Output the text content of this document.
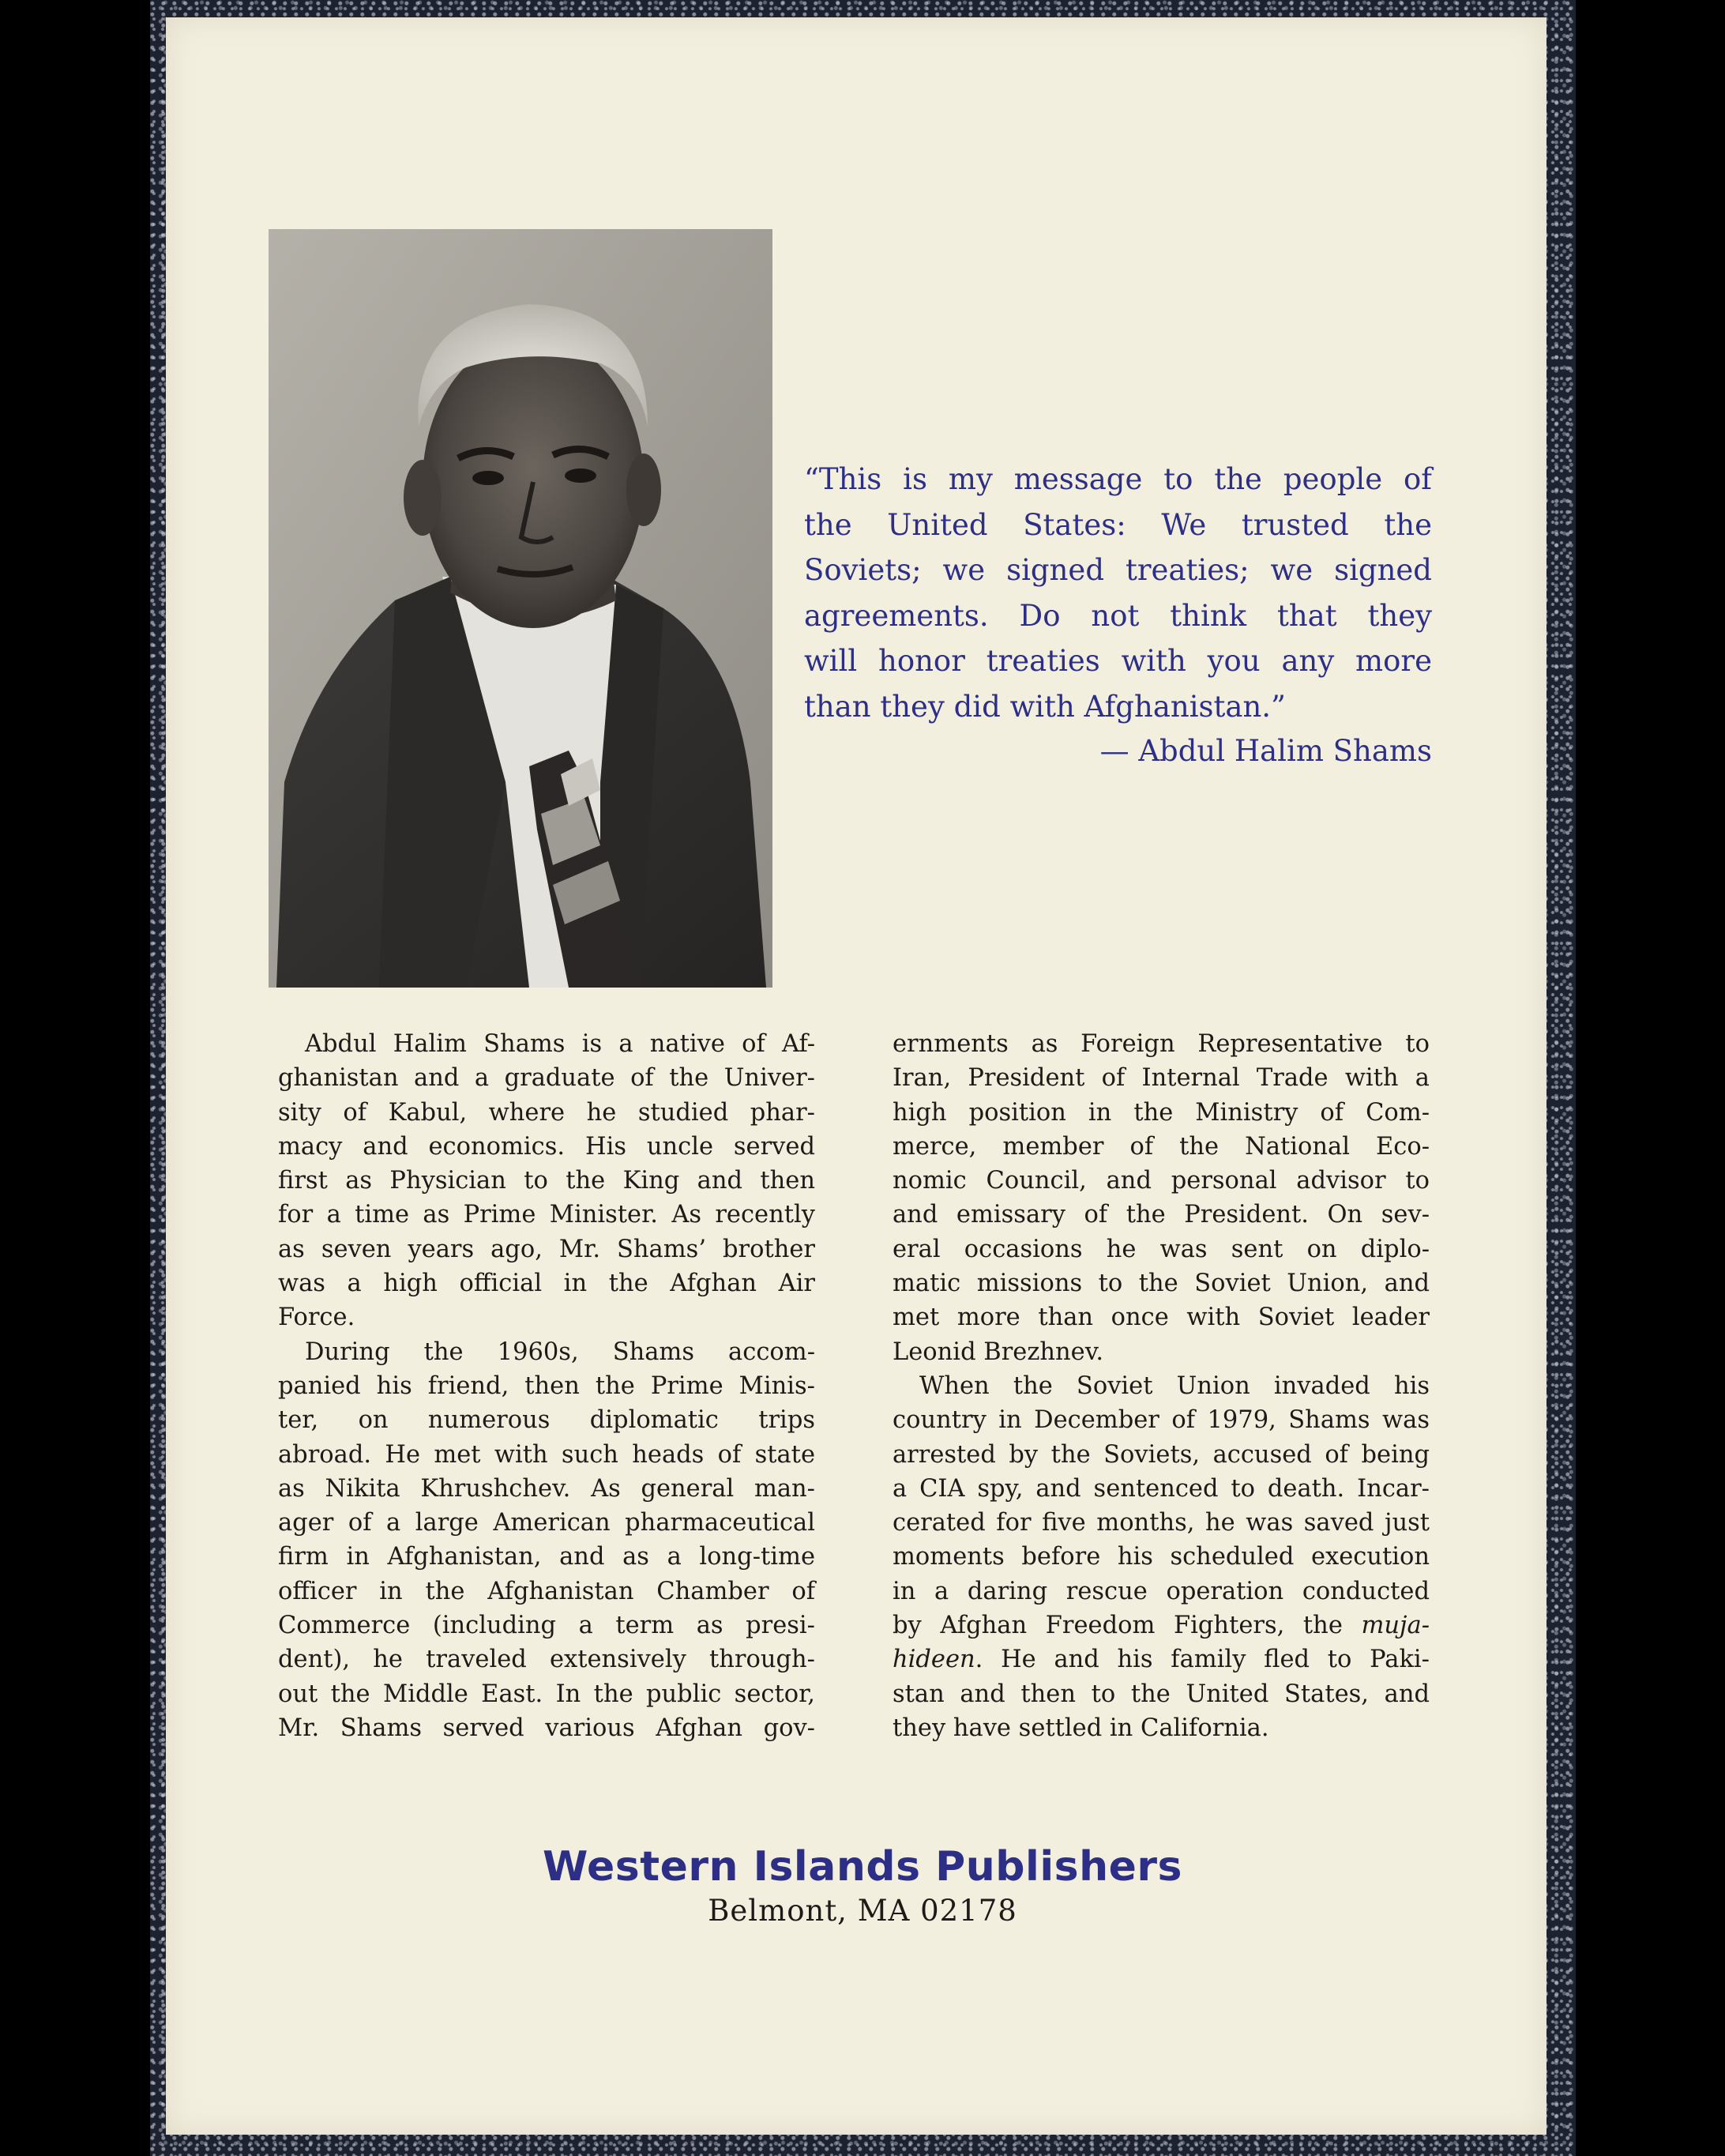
“This is my message to the people of
the United States: We trusted the
Soviets; we signed treaties; we signed
agreements. Do not think that they
will honor treaties with you any more
than they did with Afghanistan.”
— Abdul Halim Shams
Abdul Halim Shams is a native of Af-
ghanistan and a graduate of the Univer-
sity of Kabul, where he studied phar-
macy and economics. His uncle served
first as Physician to the King and then
for a time as Prime Minister. As recently
as seven years ago, Mr. Shams’ brother
was a high official in the Afghan Air
Force.
During the 1960s, Shams accom-
panied his friend, then the Prime Minis-
ter, on numerous diplomatic trips
abroad. He met with such heads of state
as Nikita Khrushchev. As general man-
ager of a large American pharmaceutical
firm in Afghanistan, and as a long-time
officer in the Afghanistan Chamber of
Commerce (including a term as presi-
dent), he traveled extensively through-
out the Middle East. In the public sector,
Mr. Shams served various Afghan gov-
ernments as Foreign Representative to
Iran, President of Internal Trade with a
high position in the Ministry of Com-
merce, member of the National Eco-
nomic Council, and personal advisor to
and emissary of the President. On sev-
eral occasions he was sent on diplo-
matic missions to the Soviet Union, and
met more than once with Soviet leader
Leonid Brezhnev.
When the Soviet Union invaded his
country in December of 1979, Shams was
arrested by the Soviets, accused of being
a CIA spy, and sentenced to death. Incar-
cerated for five months, he was saved just
moments before his scheduled execution
in a daring rescue operation conducted
by Afghan Freedom Fighters, the muja-
hideen. He and his family fled to Paki-
stan and then to the United States, and
they have settled in California.
Western Islands Publishers
Belmont, MA 02178
